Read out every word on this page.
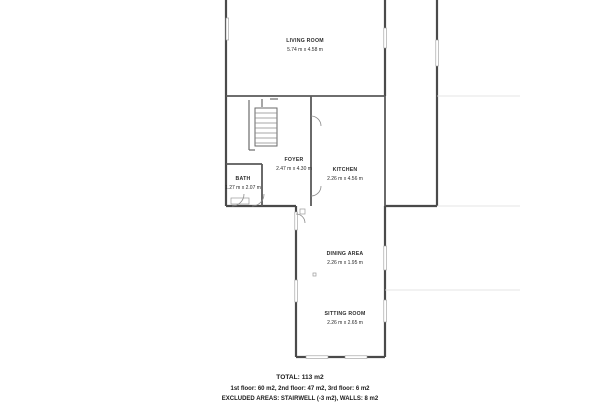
LIVING ROOM
5.74 m x 4.58 m
FOYER
2.47 m x 4.30 m
BATH
1.27 m x 2.07 m
KITCHEN
2.26 m x 4.56 m
DINING AREA
2.26 m x 1.95 m
SITTING ROOM
2.26 m x 2.65 m
TOTAL: 113 m2
1st floor: 60 m2, 2nd floor: 47 m2, 3rd floor: 6 m2
EXCLUDED AREAS: STAIRWELL (-3 m2), WALLS: 8 m2
